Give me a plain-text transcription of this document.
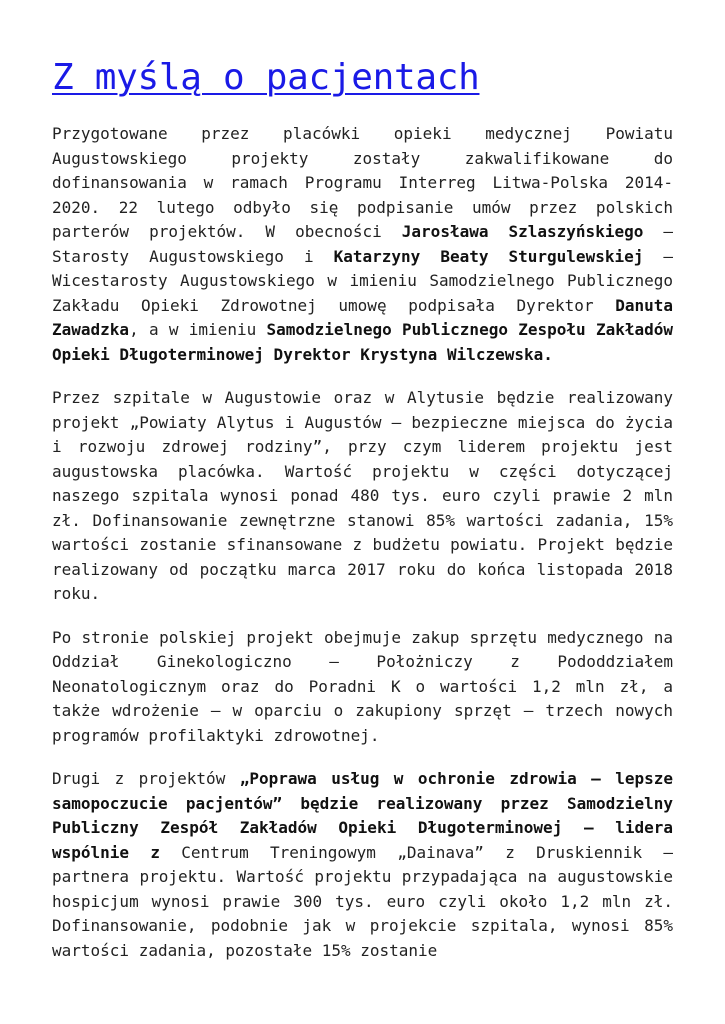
Z myślą o pacjentach

Przygotowane przez placówki opieki medycznej Powiatu Augustowskiego projekty zostały zakwalifikowane do dofinansowania w ramach Programu Interreg Litwa-Polska 2014-2020. 22 lutego odbyło się podpisanie umów przez polskich parterów projektów. W obecności Jarosława Szlaszyńskiego – Starosty Augustowskiego i Katarzyny Beaty Sturgulewskiej – Wicestarosty Augustowskiego w imieniu Samodzielnego Publicznego Zakładu Opieki Zdrowotnej umowę podpisała Dyrektor Danuta Zawadzka, a w imieniu Samodzielnego Publicznego Zespołu Zakładów Opieki Długoterminowej Dyrektor Krystyna Wilczewska.

Przez szpitale w Augustowie oraz w Alytusie będzie realizowany projekt „Powiaty Alytus i Augustów – bezpieczne miejsca do życia i rozwoju zdrowej rodziny”, przy czym liderem projektu jest augustowska placówka. Wartość projektu w części dotyczącej naszego szpitala wynosi ponad 480 tys. euro czyli prawie 2 mln zł. Dofinansowanie zewnętrzne stanowi 85% wartości zadania, 15% wartości zostanie sfinansowane z budżetu powiatu. Projekt będzie realizowany od początku marca 2017 roku do końca listopada 2018 roku.

Po stronie polskiej projekt obejmuje zakup sprzętu medycznego na Oddział Ginekologiczno – Położniczy z Pododdziałem Neonatologicznym oraz do Poradni K o wartości 1,2 mln zł, a także wdrożenie – w oparciu o zakupiony sprzęt – trzech nowych programów profilaktyki zdrowotnej.

Drugi z projektów „Poprawa usług w ochronie zdrowia – lepsze samopoczucie pacjentów” będzie realizowany przez Samodzielny Publiczny Zespół Zakładów Opieki Długoterminowej – lidera wspólnie z Centrum Treningowym „Dainava” z Druskiennik – partnera projektu. Wartość projektu przypadająca na augustowskie hospicjum wynosi prawie 300 tys. euro czyli około 1,2 mln zł. Dofinansowanie, podobnie jak w projekcie szpitala, wynosi 85% wartości zadania, pozostałe 15% zostanie
